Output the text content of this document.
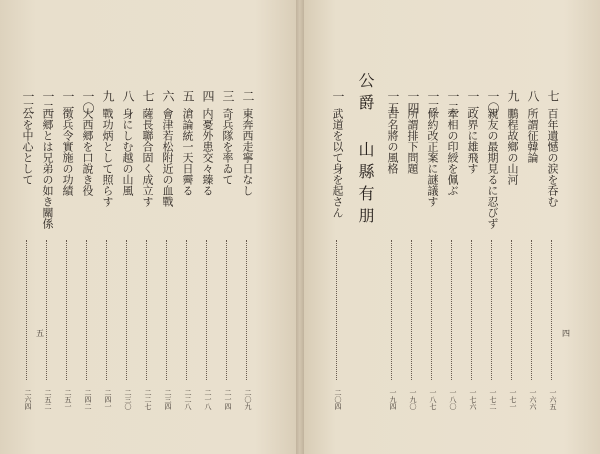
二
東奔西走寧日なし
二〇九
三
奇兵隊を率ゐて
二一四
四
内憂外患交々臻る
二一八
五
滄論統一天日霽る
二二八
六
會津若松附近の血戰
二三四
七
薩長聯合固く成立す
二二七
八
身にしむ越の山風
二三〇
九
戰功炳として照らす
二四一
一〇
大西郷を口說き役
二四二
一一
徴兵令實施の功績
二五一
一二
西郷とは兄弟の如き關係
二五二
一三
公を中心として
二六四
五
七
百年遺憾の涙を呑む
一六五
八
所謂征韓論
一六六
九
鵬程故鄉の山河
一七一
一〇
親友の最期見るに忍びず
一七二
一一
政界に雄飛す
一七六
一二
牽相の印綬を佩ぶ
一八〇
一三
條約改正案に謎議す
一八七
一四
所謂排下問題
一九〇
一五
古名將の風格
一九四
公爵 山縣有朋
一
武道を以て身を起さん
二〇四
四
